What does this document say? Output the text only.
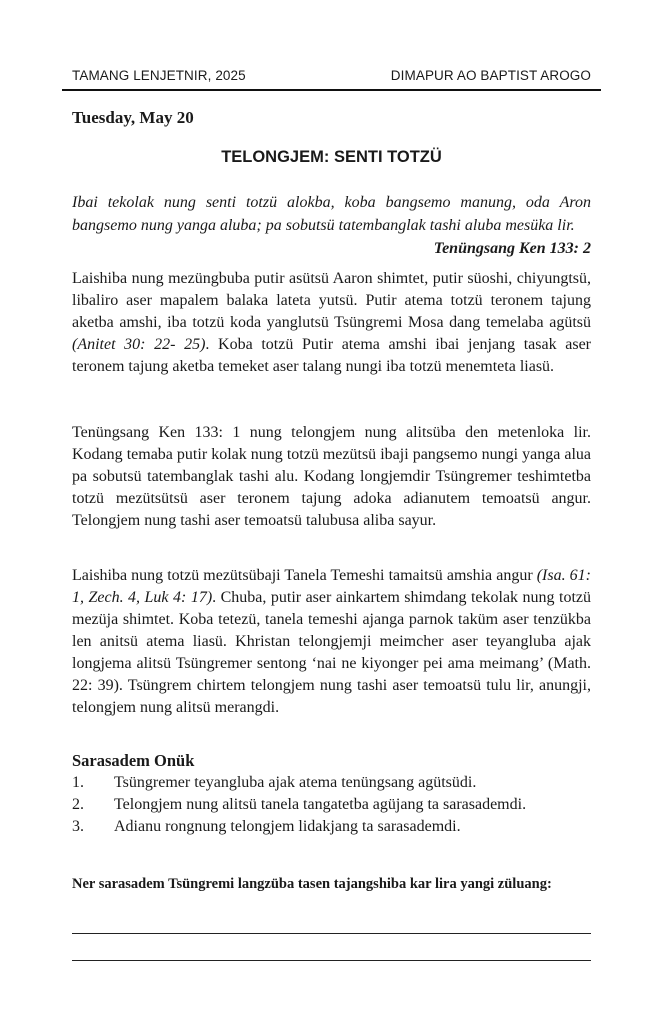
TAMANG LENJETNIR, 2025	DIMAPUR AO BAPTIST AROGO
Tuesday, May 20
TELONGJEM: SENTI TOTZÜ
Ibai tekolak nung senti totzü alokba, koba bangsemo manung, oda Aron bangsemo nung yanga aluba; pa sobutsü tatembanglak tashi aluba mesüka lir.
Tenüngsang Ken 133: 2
Laishiba nung mezüngbuba putir asütsü Aaron shimtet, putir süoshi, chiyungtsü, libaliro aser mapalem balaka lateta yutsü. Putir atema totzü teronem tajung aketba amshi, iba totzü koda yanglutsü Tsüngremi Mosa dang temelaba agütsü (Anitet 30: 22- 25). Koba totzü Putir atema amshi ibai jenjang tasak aser teronem tajung aketba temeket aser talang nungi iba totzü menemteta liasü.
Tenüngsang Ken 133: 1 nung telongjem nung alitsüba den metenloka lir. Kodang temaba putir kolak nung totzü mezütsü ibaji pangsemo nungi yanga alua pa sobutsü tatembanglak tashi alu. Kodang longjemdir Tsüngremer teshimtetba totzü mezütsütsü aser teronem tajung adoka adianutem temoatsü angur. Telongjem nung tashi aser temoatsü talubusa aliba sayur.
Laishiba nung totzü mezütsübaji Tanela Temeshi tamaitsü amshia angur (Isa. 61: 1, Zech. 4, Luk 4: 17). Chuba, putir aser ainkartem shimdang tekolak nung totzü mezüja shimtet. Koba tetezü, tanela temeshi ajanga parnok taküm aser tenzükba len anitsü atema liasü. Khristan telongjemji meimcher aser teyangluba ajak longjema alitsü Tsüngremer sentong ‘nai ne kiyonger pei ama meimang’ (Math. 22: 39). Tsüngrem chirtem telongjem nung tashi aser temoatsü tulu lir, anungji, telongjem nung alitsü merangdi.
Sarasadem Onük
1.	Tsüngremer teyangluba ajak atema tenüngsang agütsüdi.
2.	Telongjem nung alitsü tanela tangatetba agüjang ta sarasademdi.
3.	Adianu rongnung telongjem lidakjang ta sarasademdi.
Ner sarasadem Tsüngremi langzüba tasen tajangshiba kar lira yangi züluang:
